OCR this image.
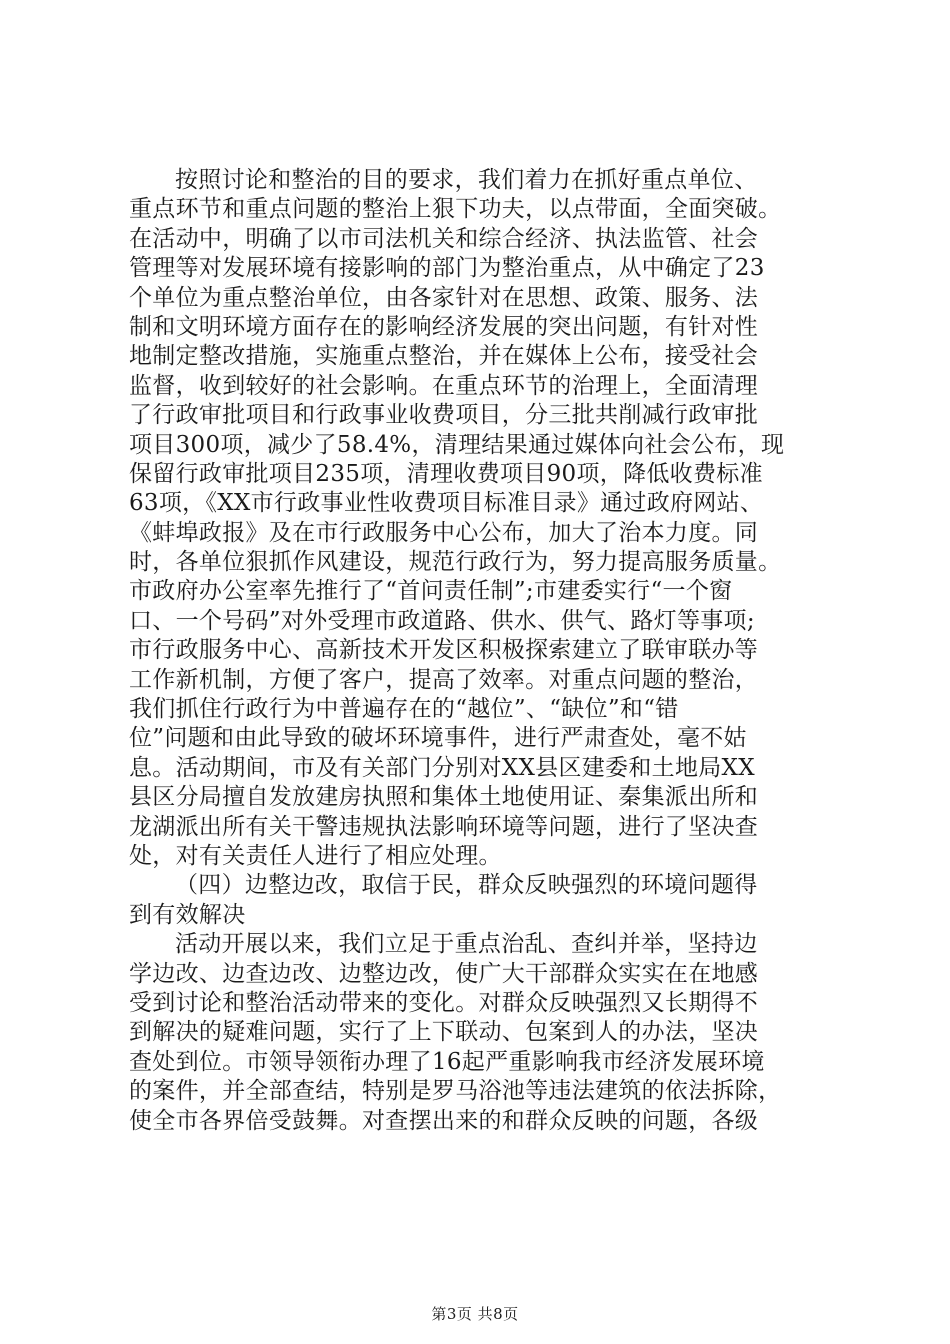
按照讨论和整治的目的要求，我们着力在抓好重点单位、
重点环节和重点问题的整治上狠下功夫，以点带面，全面突破。
在活动中，明确了以市司法机关和综合经济、执法监管、社会
管理等对发展环境有接影响的部门为整治重点，从中确定了23
个单位为重点整治单位，由各家针对在思想、政策、服务、法
制和文明环境方面存在的影响经济发展的突出问题，有针对性
地制定整改措施，实施重点整治，并在媒体上公布，接受社会
监督，收到较好的社会影响。在重点环节的治理上，全面清理
了行政审批项目和行政事业收费项目，分三批共削减行政审批
项目300项，减少了58.4%，清理结果通过媒体向社会公布，现
保留行政审批项目235项，清理收费项目90项，降低收费标准
63项，《XX市行政事业性收费项目标准目录》通过政府网站、
《蚌埠政报》及在市行政服务中心公布，加大了治本力度。同
时，各单位狠抓作风建设，规范行政行为，努力提高服务质量。
市政府办公室率先推行了“首问责任制”;市建委实行“一个窗
口、一个号码”对外受理市政道路、供水、供气、路灯等事项;
市行政服务中心、高新技术开发区积极探索建立了联审联办等
工作新机制，方便了客户，提高了效率。对重点问题的整治，
我们抓住行政行为中普遍存在的“越位”、“缺位”和“错
位”问题和由此导致的破坏环境事件，进行严肃查处，毫不姑
息。活动期间，市及有关部门分别对XX县区建委和土地局XX
县区分局擅自发放建房执照和集体土地使用证、秦集派出所和
龙湖派出所有关干警违规执法影响环境等问题，进行了坚决查
处，对有关责任人进行了相应处理。
（四）边整边改，取信于民，群众反映强烈的环境问题得
到有效解决
活动开展以来，我们立足于重点治乱、查纠并举，坚持边
学边改、边查边改、边整边改，使广大干部群众实实在在地感
受到讨论和整治活动带来的变化。对群众反映强烈又长期得不
到解决的疑难问题，实行了上下联动、包案到人的办法，坚决
查处到位。市领导领衔办理了16起严重影响我市经济发展环境
的案件，并全部查结，特别是罗马浴池等违法建筑的依法拆除，
使全市各界倍受鼓舞。对查摆出来的和群众反映的问题，各级
第3页 共8页
